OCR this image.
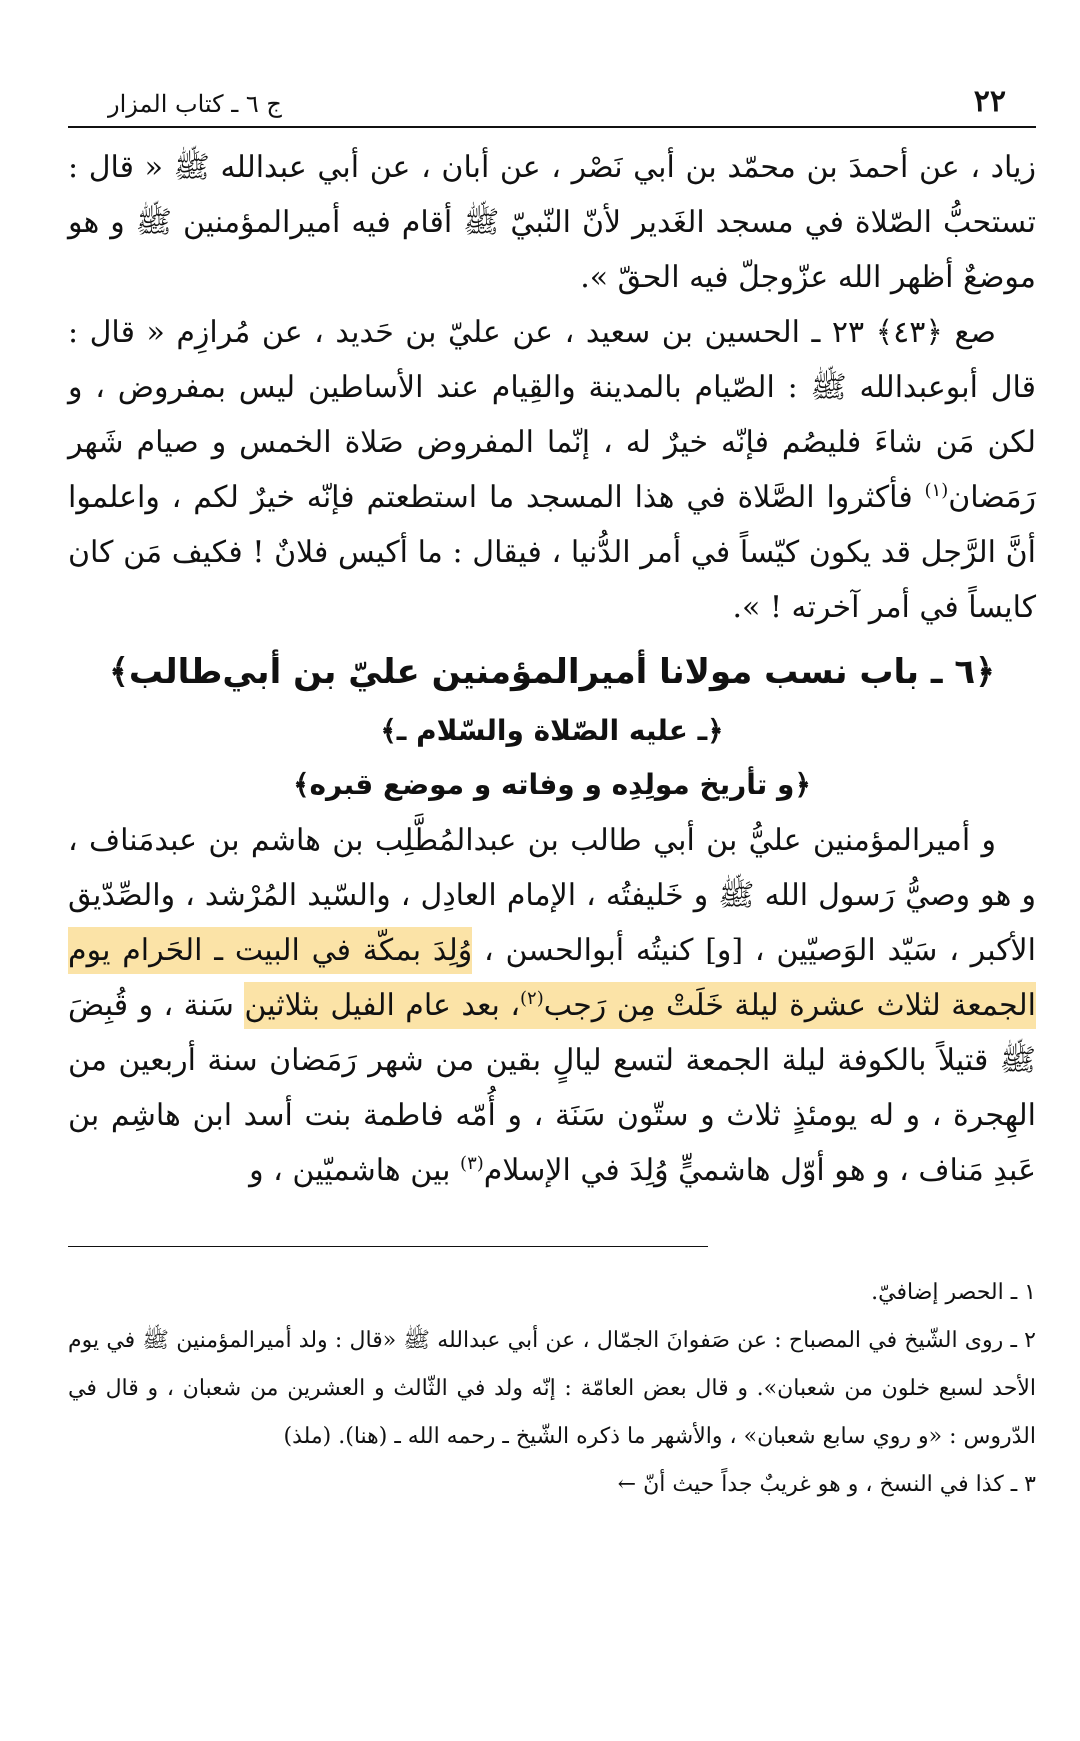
٢٢
ج ٦ ـ كتاب المزار

زياد ، عن أحمدَ بن محمّد بن أبي نَصْر ، عن أبان ، عن أبي عبدالله ﷺ « قال : تستحبُّ الصّلاة في مسجد الغَدير لأنّ النّبيّ ﷺ أقام فيه أميرالمؤمنين ﷺ و هو موضعٌ أظهر الله عزّوجلّ فيه الحقّ ».

صع ﴿٤٣﴾ ٢٣ ـ الحسين بن سعيد ، عن عليّ بن حَديد ، عن مُرازِم « قال : قال أبوعبدالله ﷺ : الصّيام بالمدينة والقِيام عند الأساطين ليس بمفروض ، و لكن مَن شاءَ فليصُم فإنّه خيرٌ له ، إنّما المفروض صَلاة الخمس و صيام شَهر رَمَضان$^{(١)}$ فأكثروا الصَّلاة في هذا المسجد ما استطعتم فإنّه خيرٌ لكم ، واعلموا أنَّ الرَّجل قد يكون كيّساً في أمر الدُّنيا ، فيقال : ما أكيس فلانٌ ! فكيف مَن كان كايساً في أمر آخرته ! ».

﴿٦ ـ باب نسب مولانا أميرالمؤمنين عليّ بن أبي‌طالب﴾

﴿ـ عليه الصّلاة والسّلام ـ﴾

﴿و تأريخ مولِدِه و وفاته و موضع قبره﴾

و أميرالمؤمنين عليُّ بن أبي طالب بن عبدالمُطَّلِب بن هاشم بن عبدمَناف ، و هو وصيُّ رَسول الله ﷺ و خَليفتُه ، الإمام العادِل ، والسّيد المُرْشد ، والصِّدّيق الأكبر ، سَيّد الوَصيّين ، [و] كنيتُه أبوالحسن ، وُلِدَ بمكّة في البيت ـ الحَرام يوم الجمعة لثلاث عشرة ليلة خَلَتْ مِن رَجب$^{(٢)}$، بعد عام الفيل بثلاثين سَنة ، و قُبِضَ ﷺ قتيلاً بالكوفة ليلة الجمعة لتسع ليالٍ بقين من شهر رَمَضان سنة أربعين من الهِجرة ، و له يومئذٍ ثلاث و ستّون سَنَة ، و أُمّه فاطمة بنت أسد ابن هاشِم بن عَبدِ مَناف ، و هو أوّل هاشميٍّ وُلِدَ في الإسلام$^{(٣)}$ بين هاشميّين ، و

١ ـ الحصر إضافيّ.

٢ ـ روى الشّيخ في المصباح : عن صَفوانَ الجمّال ، عن أبي عبدالله ﷺ «قال : ولد أميرالمؤمنين ﷺ في يوم الأحد لسبع خلون من شعبان». و قال بعض العامّة : إنّه ولد في الثّالث و العشرين من شعبان ، و قال في الدّروس : «و روي سابع شعبان» ، والأشهر ما ذكره الشّيخ ـ رحمه الله ـ (هنا). (ملذ)

٣ ـ كذا في النسخ ، و هو غريبٌ جداً حيث أنّ ←
